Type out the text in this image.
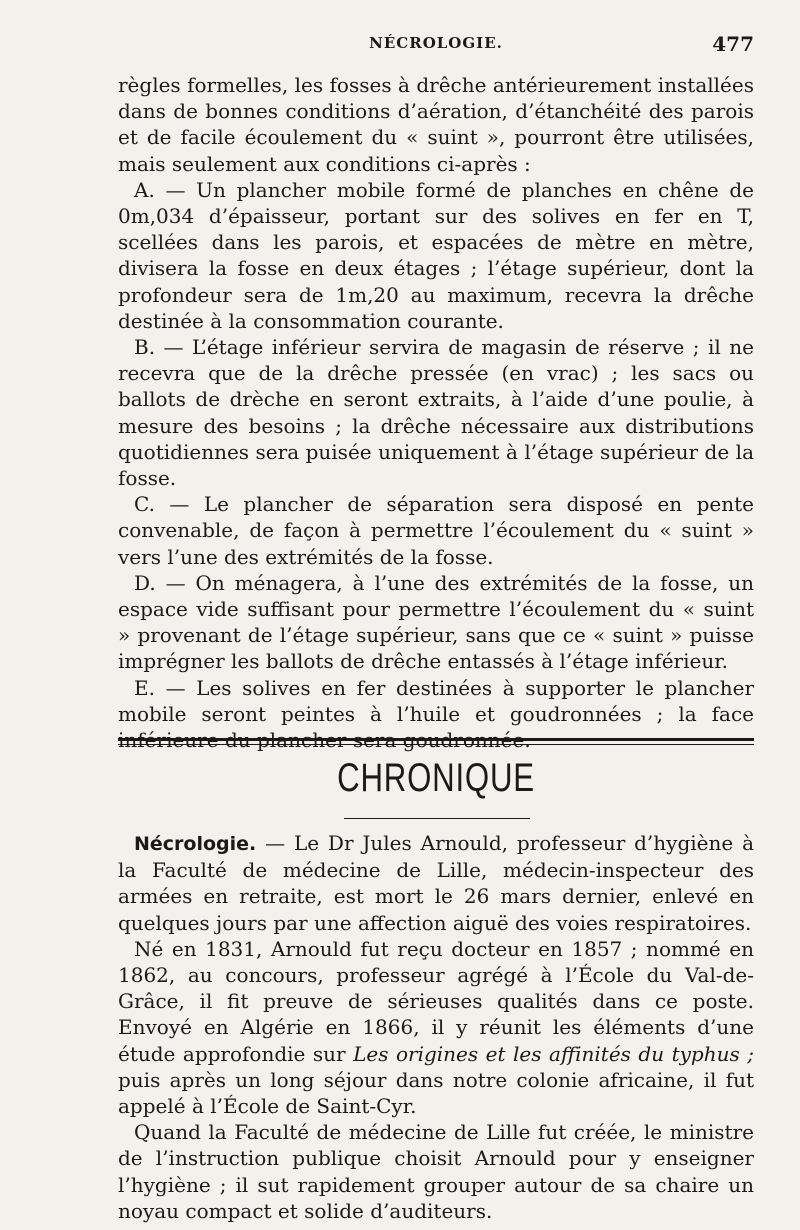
NÉCROLOGIE.	477

règles formelles, les fosses à drêche antérieurement installées dans de bonnes conditions d’aération, d’étanchéité des parois et de facile écoulement du « suint », pourront être utilisées, mais seulement aux conditions ci-après :

A. — Un plancher mobile formé de planches en chêne de 0m,034 d’épaisseur, portant sur des solives en fer en T, scellées dans les parois, et espacées de mètre en mètre, divisera la fosse en deux étages ; l’étage supérieur, dont la profondeur sera de 1m,20 au maximum, recevra la drêche destinée à la consommation courante.

B. — L’étage inférieur servira de magasin de réserve ; il ne recevra que de la drêche pressée (en vrac) ; les sacs ou ballots de drèche en seront extraits, à l’aide d’une poulie, à mesure des besoins ; la drêche nécessaire aux distributions quotidiennes sera puisée uniquement à l’étage supérieur de la fosse.

C. — Le plancher de séparation sera disposé en pente convenable, de façon à permettre l’écoulement du « suint » vers l’une des extrémités de la fosse.

D. — On ménagera, à l’une des extrémités de la fosse, un espace vide suffisant pour permettre l’écoulement du « suint » provenant de l’étage supérieur, sans que ce « suint » puisse imprégner les ballots de drêche entassés à l’étage inférieur.

E. — Les solives en fer destinées à supporter le plancher mobile seront peintes à l’huile et goudronnées ; la face

CHRONIQUE

Nécrologie. — Le Dr Jules Arnould, professeur d’hygiène à la Faculté de médecine de Lille, médecin-inspecteur des armées en retraite, est mort le 26 mars dernier, enlevé en quelques jours par une affection aiguë des voies respiratoires.

Né en 1831, Arnould fut reçu docteur en 1857 ; nommé en 1862, au concours, professeur agrégé à l’École du Val-de-Grâce, il fit preuve de sérieuses qualités dans ce poste. Envoyé en Algérie en 1866, il y réunit les éléments d’une étude approfondie sur Les origines et les affinités du typhus ; puis après un long séjour dans notre colonie africaine, il fut appelé à l’École de Saint-Cyr.

Quand la Faculté de médecine de Lille fut créée, le ministre de l’instruction publique choisit Arnould pour y enseigner l’hygiène ; il sut rapidement grouper autour de sa chaire un noyau compact et solide d’auditeurs.
